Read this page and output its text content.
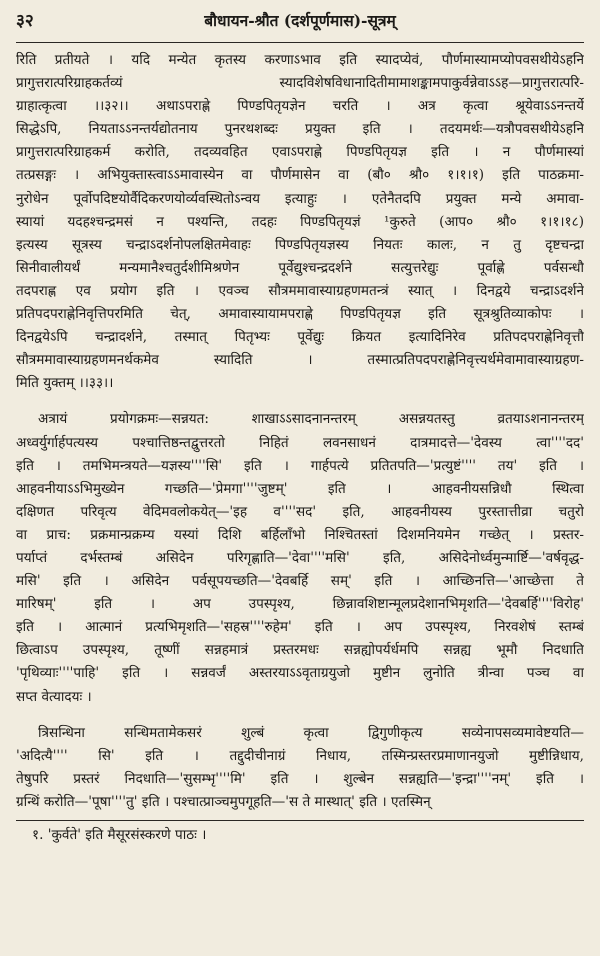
३२	बौधायन-श्रौत (दर्शपूर्णमास)-सूत्रम्
रिति प्रतीयते । यदि मन्येत कृतस्य करणाऽभाव इति स्यादप्येवं, पौर्णमास्यामप्योपवसथीयेऽहनि
प्रागुत्तरात्परिग्राहकर्तव्यं स्यादविशेषविधानादितीमामाशङ्कामपाकुर्वन्नेवाऽऽह—प्रागुत्तरात्परि-
ग्राहात्कृत्वा ।।३२।। अथाऽपराह्णे पिण्डपितृयज्ञेन चरति । अत्र कृत्वा श्रूयेवाऽऽनन्तर्ये
सिद्धेऽपि, नियताऽऽनन्तर्यद्योतनाय पुनरथशब्दः प्रयुक्त इति । तदयमर्थः—यत्रौपवसथीयेऽहनि
प्रागुत्तरात्परिग्राहकर्म करोति, तदव्यवहित एवाऽपराह्णे पिण्डपितृयज्ञ इति । न पौर्णमास्यां
तत्प्रसङ्गः । अभियुक्तास्त्वाऽऽमावास्येन वा पौर्णमासेन वा (बौ० श्रौ० १।१।१) इति पाठक्रमा-
नुरोधेन पूर्वोपदिष्टयोर्वैदिकरणयोर्व्यवस्थितोऽन्वय इत्याहुः । एतेनैतदपि प्रयुक्त मन्ये अमावा-
स्यायां यदहश्चन्द्रमसं न पश्यन्ति, तदहः पिण्डपितृयज्ञं ¹कुरुते (आप० श्रौ० १।१।१८)
इत्यस्य सूत्रस्य चन्द्राऽदर्शनोपलक्षितमेवाहः पिण्डपितृयज्ञस्य नियतः कालः, न तु दृष्टचन्द्रा
सिनीवालीयर्थं मन्यमानैश्चतुर्दशीमिश्रणेन पूर्वेद्युश्चन्द्रदर्शने सत्युत्तरेद्युः पूर्वाह्णे पर्वसन्धौ
तदपराह्ण एव प्रयोग इति । एवञ्च सौत्रममावास्याग्रहणमतन्त्रं स्यात् । दिनद्वये चन्द्राऽदर्शने
प्रतिपदपराह्णेनिवृत्तिपरमिति चेत्, अमावास्यायामपराह्णे पिण्डपितृयज्ञ इति सूत्रश्रुतिव्याकोपः ।
दिनद्वयेऽपि चन्द्रादर्शने, तस्मात् पितृभ्यः पूर्वेद्युः क्रियत इत्यादिनिरेव प्रतिपदपराह्णेनिवृत्तौ
सौत्रममावास्याग्रहणमनर्थकमेव स्यादिति । तस्मात्प्रतिपदपराह्णेनिवृत्त्यर्थमेवामावास्याग्रहण-
मिति युक्तम् ।।३३।।
अत्रायं प्रयोगक्रमः—सन्नयत: शाखाऽऽसादनानन्तरम् असन्नयतस्तु व्रतयाऽशनानन्तरम्
अध्वर्युर्गार्हपत्यस्य पश्चात्तिष्ठन्तद्वुत्तरतो निहितं लवनसाधनं दात्रमादत्ते—'देवस्य त्वा''''दद'
इति । तमभिमन्त्रयते—यज्ञस्य''''सि' इति । गार्हपत्ये प्रतितपति—'प्रत्युष्टं'''' तय' इति ।
आहवनीयाऽऽभिमुख्येन गच्छति—'प्रेमगा''''जुष्टम्' इति । आहवनीयसन्निधौ स्थित्वा
दक्षिणत परिवृत्य वेदिमवलोकयेत्—'इह व''''सद' इति, आहवनीयस्य पुरस्तात्तीव्रा चतुरो
वा प्राच: प्रक्रमान्प्रक्रम्य यस्यां दिशि बर्हिलाँभो निश्चितस्तां दिशमनियमेन गच्छेत् । प्रस्तर-
पर्याप्तं दर्भस्तम्बं असिदेन परिगृह्णाति—'देवा''''मसि' इति, असिदेनोर्ध्वमुन्मार्ष्टि—'वर्षवृद्ध-
मसि' इति । असिदेन पर्वसूपयच्छति—'देवबर्हि सम्' इति । आच्छिनत्ति—'आच्छेत्ता ते
मारिषम्' इति । अप उपस्पृश्य, छिन्नावशिष्टान्मूलप्रदेशानभिमृशति—'देवबर्हि''''विरोह'
इति । आत्मानं प्रत्यभिमृशति—'सहस्र''''रुहेम' इति । अप उपस्पृश्य, निरवशेषं स्तम्बं
छित्वाऽप उपस्पृश्य, तूष्णीं सन्नहमात्रं प्रस्तरमधः सन्नह्योपर्यर्धमपि सन्नह्य भूमौ निदधाति
'पृथिव्याः''''पाहि' इति । सन्नवर्जं अस्तरयाऽऽवृताग्रयुजो मुष्टीन लुनोति त्रीन्वा पञ्च वा
सप्त वेत्यादयः ।
त्रिसन्धिना सन्धिमतामेकसरं शुल्बं कृत्वा द्विगुणीकृत्य सव्येनापसव्यमावेष्टयति—
'अदित्यै'''' सि' इति । तद्दुदीचीनाग्रं निधाय, तस्मिन्प्रस्तरप्रमाणानयुजो मुष्टीन्निधाय,
तेषुपरि प्रस्तरं निदधाति—'सुसम्भृ''''मि' इति । शुल्बेन सन्नह्यति—'इन्द्रा''''नम्' इति ।
ग्रन्थिं करोति—'पूषा''''तु' इति । पश्चात्प्राञ्चमुपगूहति—'स ते मास्थात्' इति । एतस्मिन्
१. 'कुर्वते' इति मैसूरसंस्करणे पाठः ।
